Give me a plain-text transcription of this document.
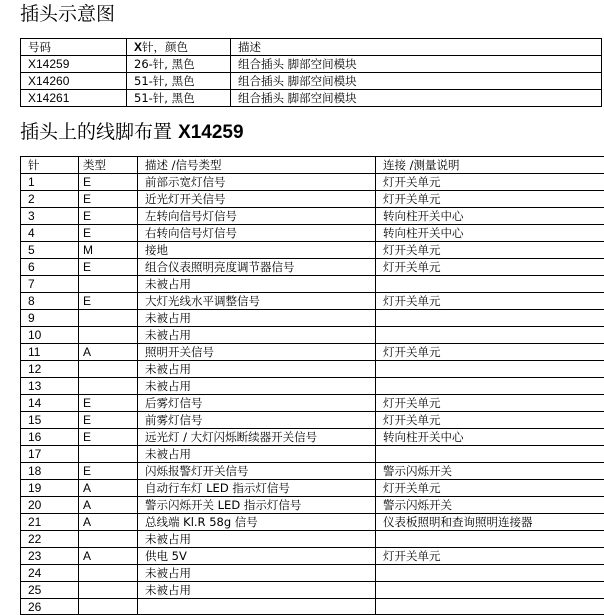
插头示意图
号码	X针，颜色	描述
X14259	26-针, 黑色	组合插头 脚部空间模块
X14260	51-针, 黑色	组合插头 脚部空间模块
X14261	51-针, 黑色	组合插头 脚部空间模块
插头上的线脚布置 X14259
针	类型	描述 /信号类型	连接 /测量说明
1	E	前部示宽灯信号	灯开关单元
2	E	近光灯开关信号	灯开关单元
3	E	左转向信号灯信号	转向柱开关中心
4	E	右转向信号灯信号	转向柱开关中心
5	M	接地	灯开关单元
6	E	组合仪表照明亮度调节器信号	灯开关单元
7		未被占用	
8	E	大灯光线水平调整信号	灯开关单元
9		未被占用	
10		未被占用	
11	A	照明开关信号	灯开关单元
12		未被占用	
13		未被占用	
14	E	后雾灯信号	灯开关单元
15	E	前雾灯信号	灯开关单元
16	E	远光灯 / 大灯闪烁断续器开关信号	转向柱开关中心
17		未被占用	
18	E	闪烁报警灯开关信号	警示闪烁开关
19	A	自动行车灯 LED 指示灯信号	灯开关单元
20	A	警示闪烁开关 LED 指示灯信号	警示闪烁开关
21	A	总线端 Kl.R 58g 信号	仪表板照明和查询照明连接器
22		未被占用	
23	A	供电 5V	灯开关单元
24		未被占用	
25		未被占用	
26			
